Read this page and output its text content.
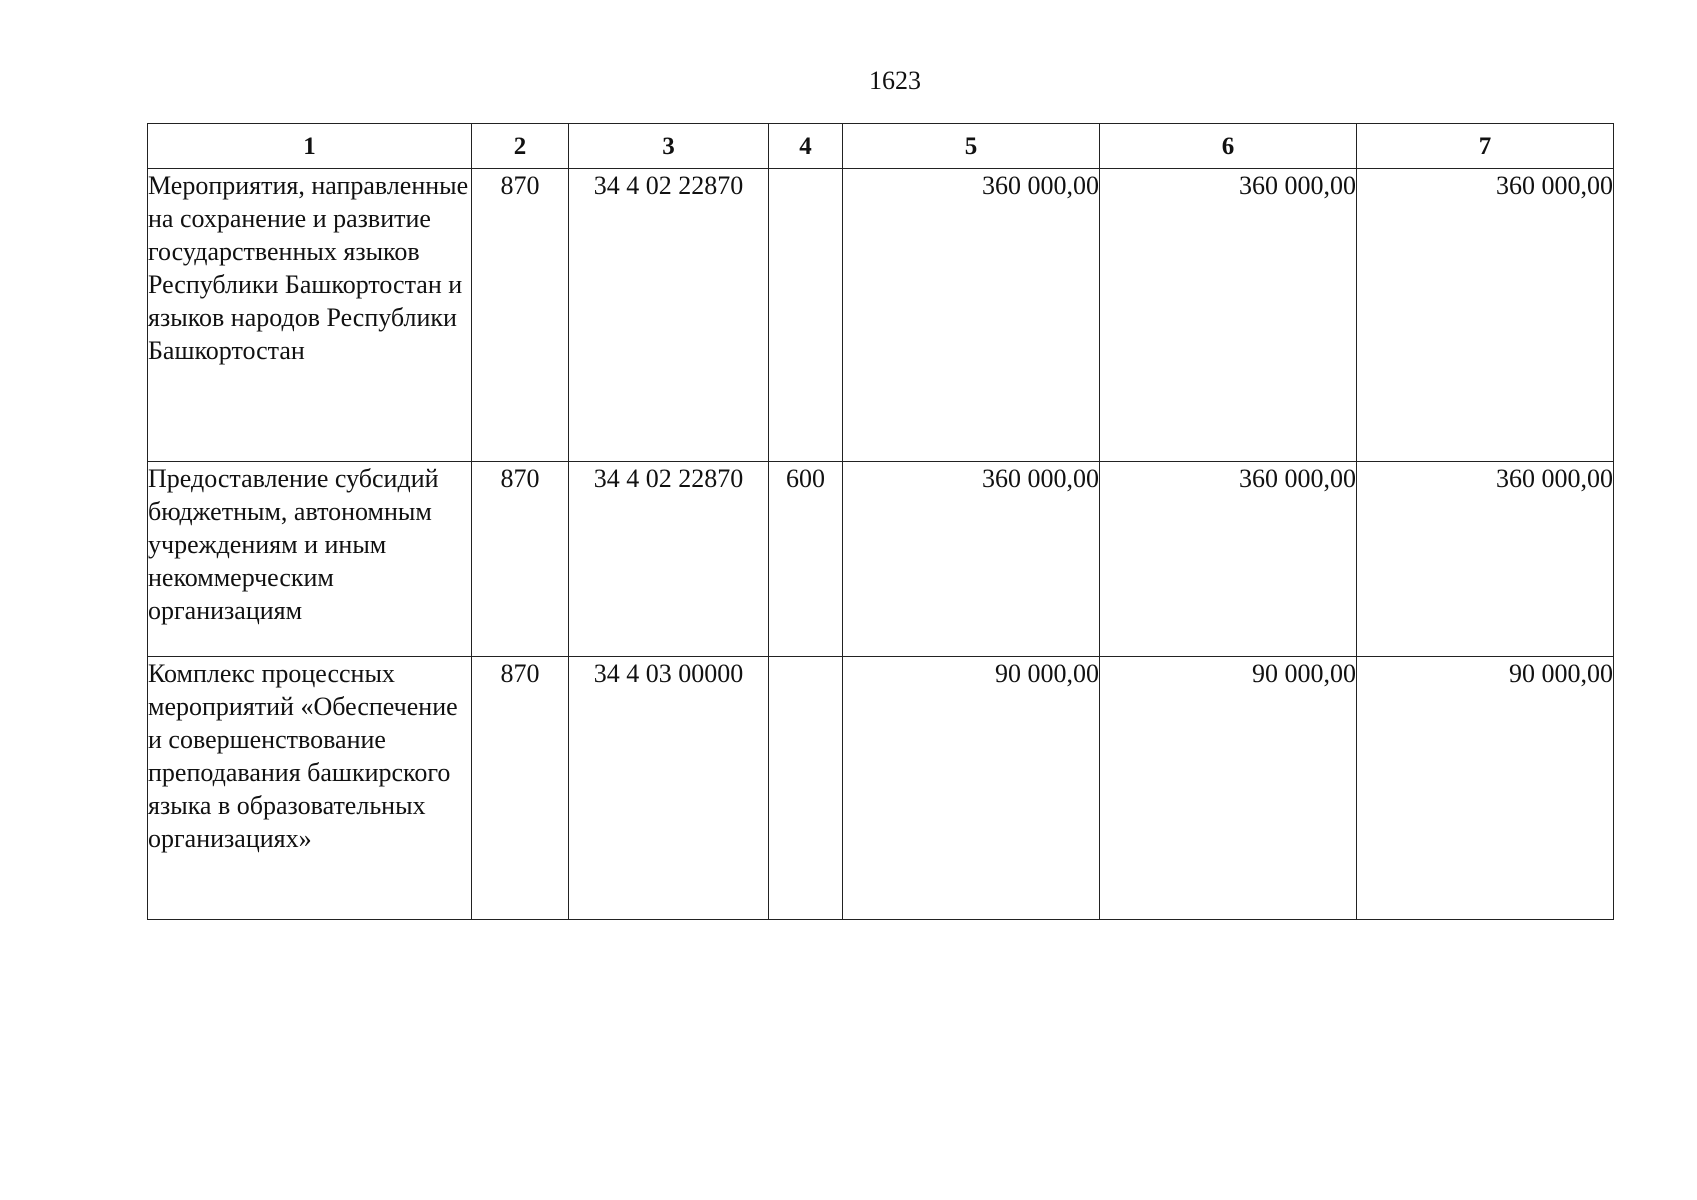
1623
1	2	3	4	5	6	7
Мероприятия, направленные на сохранение и развитие государственных языков Республики Башкортостан и языков народов Республики Башкортостан	870	34 4 02 22870		360 000,00	360 000,00	360 000,00
Предоставление субсидий бюджетным, автономным учреждениям и иным некоммерческим организациям	870	34 4 02 22870	600	360 000,00	360 000,00	360 000,00
Комплекс процессных мероприятий «Обеспечение и совершенствование преподавания башкирского языка в образовательных организациях»	870	34 4 03 00000		90 000,00	90 000,00	90 000,00
